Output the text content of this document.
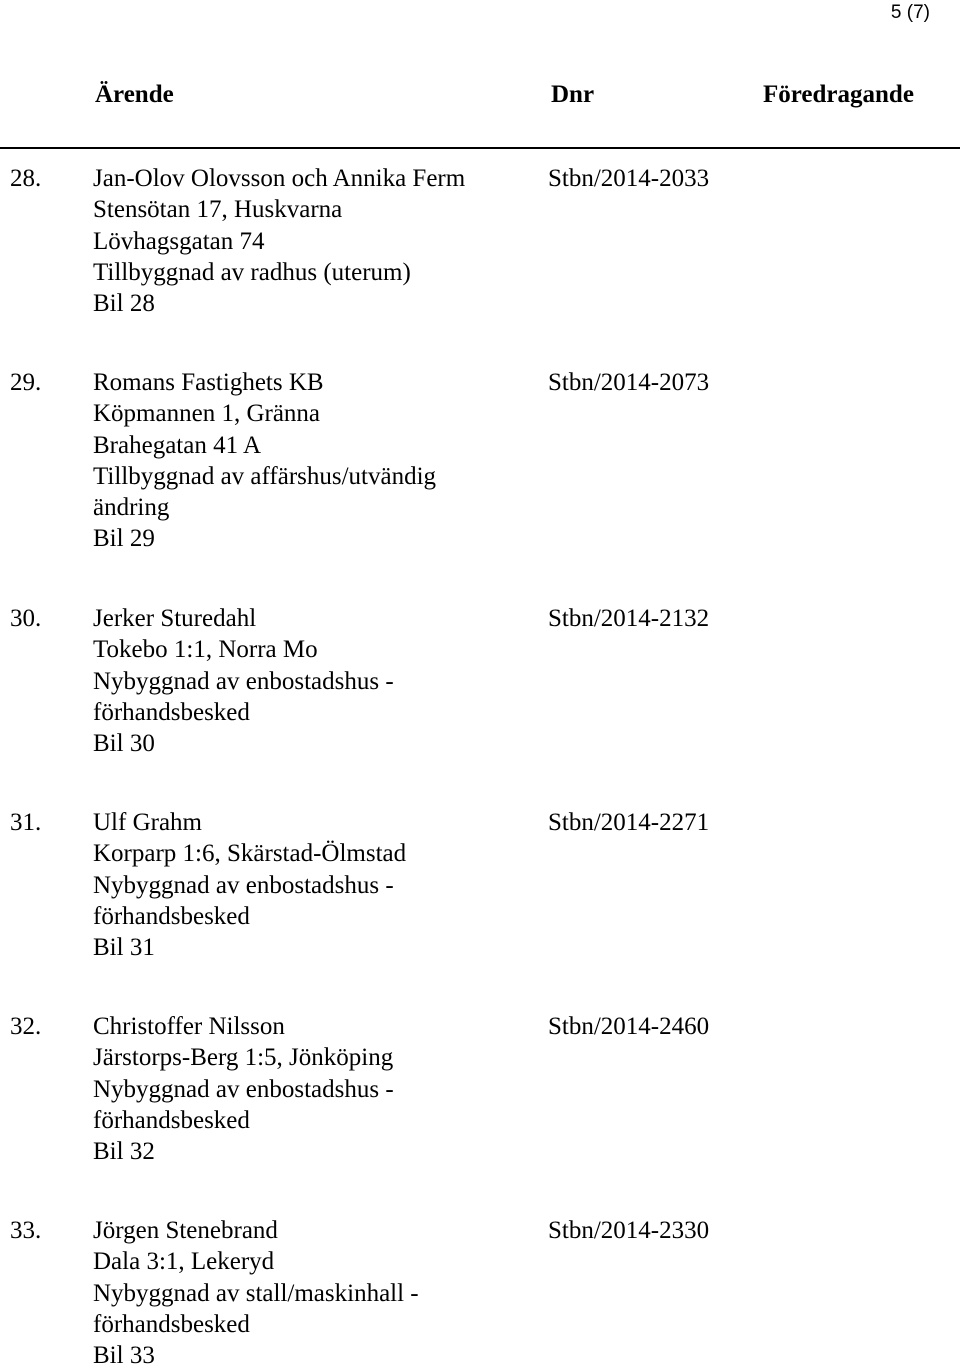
5 (7)
Ärende	Dnr	Föredragande
28. Jan-Olov Olovsson och Annika Ferm
Stensötan 17, Huskvarna
Lövhagsgatan 74
Tillbyggnad av radhus (uterum)
Bil 28
Stbn/2014-2033
29. Romans Fastighets KB
Köpmannen 1, Gränna
Brahegatan 41 A
Tillbyggnad av affärshus/utvändig
ändring
Bil 29
Stbn/2014-2073
30. Jerker Sturedahl
Tokebo 1:1, Norra Mo
Nybyggnad av enbostadshus -
förhandsbesked
Bil 30
Stbn/2014-2132
31. Ulf Grahm
Korparp 1:6, Skärstad-Ölmstad
Nybyggnad av enbostadshus -
förhandsbesked
Bil 31
Stbn/2014-2271
32. Christoffer Nilsson
Järstorps-Berg 1:5, Jönköping
Nybyggnad av enbostadshus -
förhandsbesked
Bil 32
Stbn/2014-2460
33. Jörgen Stenebrand
Dala 3:1, Lekeryd
Nybyggnad av stall/maskinhall -
förhandsbesked
Bil 33
Stbn/2014-2330
